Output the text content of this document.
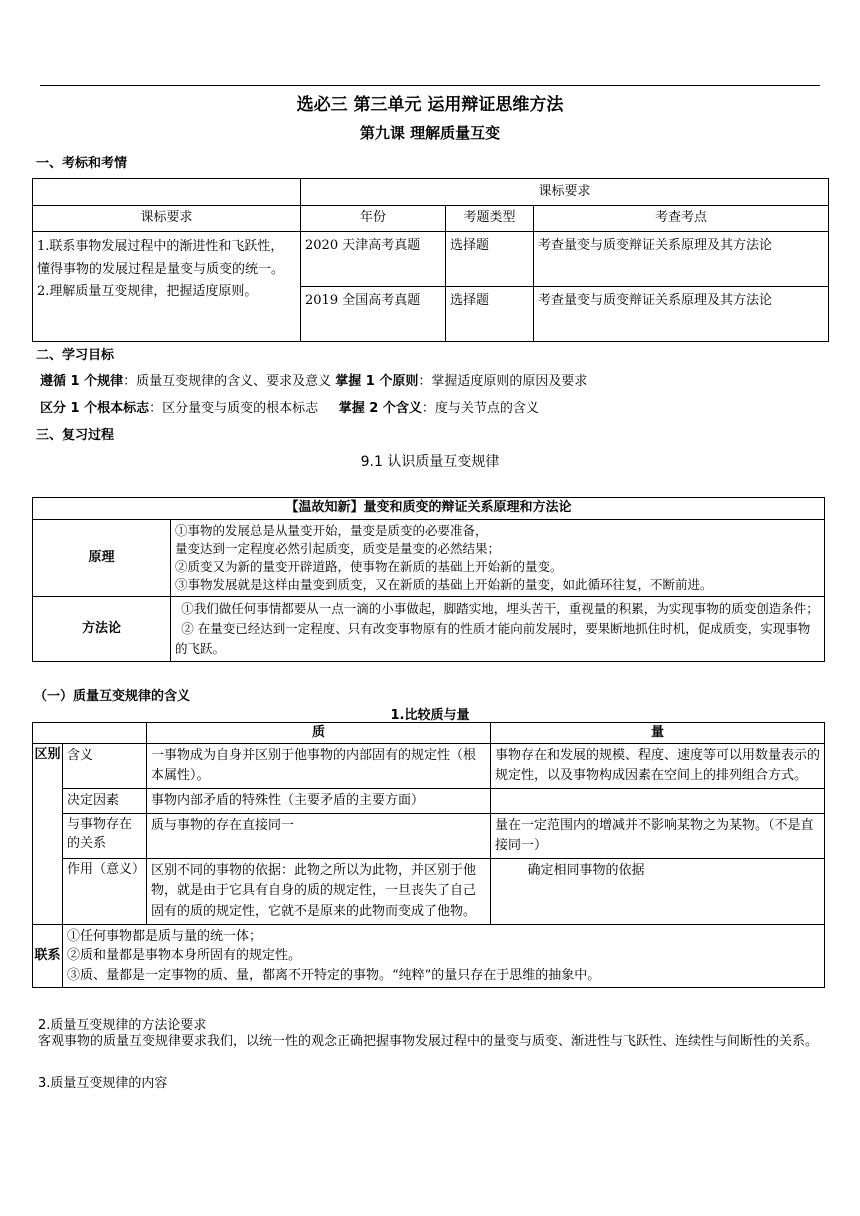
选必三 第三单元 运用辩证思维方法
第九课 理解质量互变
一、考标和考情
	课标要求		
课标要求	年份	考题类型	考查考点

1.联系事物发展过程中的渐进性和飞跃性，懂得事物的发展过程是量变与质变的统一。
2.理解质量互变规律，把握适度原则。	2020 天津高考真题	选择题	考查量变与质变辩证关系原理及其方法论
	2019 全国高考真题	选择题	考查量变与质变辩证关系原理及其方法论
二、学习目标
遵循 1 个规律：质量互变规律的含义、要求及意义 掌握 1 个原则：掌握适度原则的原因及要求
区分 1 个根本标志：区分量变与质变的根本标志     掌握 2 个含义：度与关节点的含义
三、复习过程
9.1 认识质量互变规律
【温故知新】量变和质变的辩证关系原理和方法论	
原理	①事物的发展总是从量变开始，量变是质变的必要准备，
量变达到一定程度必然引起质变，质变是量变的必然结果；
②质变又为新的量变开辟道路，使事物在新质的基础上开始新的量变。
③事物发展就是这样由量变到质变，又在新质的基础上开始新的量变，如此循环往复，不断前进。

方法论	①我们做任何事情都要从一点一滴的小事做起，脚踏实地，埋头苦干，重视量的积累，为实现事物的质变创造条件；
② 在量变已经达到一定程度、只有改变事物原有的性质才能向前发展时，要果断地抓住时机，促成质变，实现事物的飞跃。
（一）质量互变规律的含义
1.比较质与量
		质	量
区别	含义	一事物成为自身并区别于他事物的内部固有的规定性（根本属性）。	事物存在和发展的规模、程度、速度等可以用数量表示的规定性，以及事物构成因素在空间上的排列组合方式。
	决定因素	事物内部矛盾的特殊性（主要矛盾的主要方面）	
	与事物存在的关系	质与事物的存在直接同一	量在一定范围内的增减并不影响某物之为某物。（不是直接同一）
	作用（意义）	区别不同的事物的依据：此物之所以为此物，并区别于他物，就是由于它具有自身的质的规定性，一旦丧失了自己固有的质的规定性，它就不是原来的此物而变成了他物。	确定相同事物的依据
联系	①任何事物都是质与量的统一体；
②质和量都是事物本身所固有的规定性。
③质、量都是一定事物的质、量，都离不开特定的事物。“纯粹”的量只存在于思维的抽象中。		
2.质量互变规律的方法论要求
客观事物的质量互变规律要求我们，以统一性的观念正确把握事物发展过程中的量变与质变、渐进性与飞跃性、连续性与间断性的关系。
3.质量互变规律的内容
